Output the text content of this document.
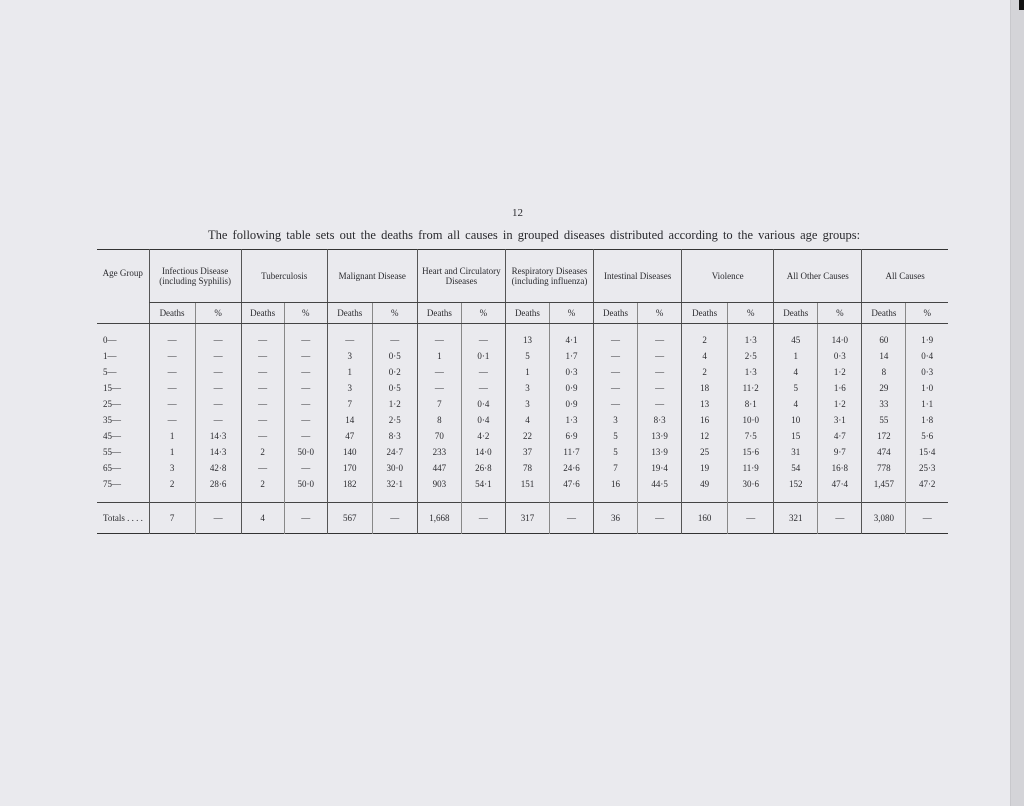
12
The following table sets out the deaths from all causes in grouped diseases distributed according to the various age groups:
Age Group	Infectious Disease (including Syphilis)		Tuberculosis		Malignant Disease		Heart and Circulatory Diseases		Respiratory Diseases (including influenza)		Intestinal Diseases		Violence		All Other Causes		All Causes	
	Deaths	%	Deaths	%	Deaths	%	Deaths	%	Deaths	%	Deaths	%	Deaths	%	Deaths	%	Deaths	%

0—	—	—	—	—	—	—	—	—	13	4·1	—	—	2	1·3	45	14·0	60	1·9
1—	—	—	—	—	3	0·5	1	0·1	5	1·7	—	—	4	2·5	1	0·3	14	0·4
5—	—	—	—	—	1	0·2	—	—	1	0·3	—	—	2	1·3	4	1·2	8	0·3
15—	—	—	—	—	3	0·5	—	—	3	0·9	—	—	18	11·2	5	1·6	29	1·0
25—	—	—	—	—	7	1·2	7	0·4	3	0·9	—	—	13	8·1	4	1·2	33	1·1
35—	—	—	—	—	14	2·5	8	0·4	4	1·3	3	8·3	16	10·0	10	3·1	55	1·8
45—	1	14·3	—	—	47	8·3	70	4·2	22	6·9	5	13·9	12	7·5	15	4·7	172	5·6
55—	1	14·3	2	50·0	140	24·7	233	14·0	37	11·7	5	13·9	25	15·6	31	9·7	474	15·4
65—	3	42·8	—	—	170	30·0	447	26·8	78	24·6	7	19·4	19	11·9	54	16·8	778	25·3
75—	2	28·6	2	50·0	182	32·1	903	54·1	151	47·6	16	44·5	49	30·6	152	47·4	1,457	47·2

Totals . . . .	7	—	4	—	567	—	1,668	—	317	—	36	—	160	—	321	—	3,080	—
